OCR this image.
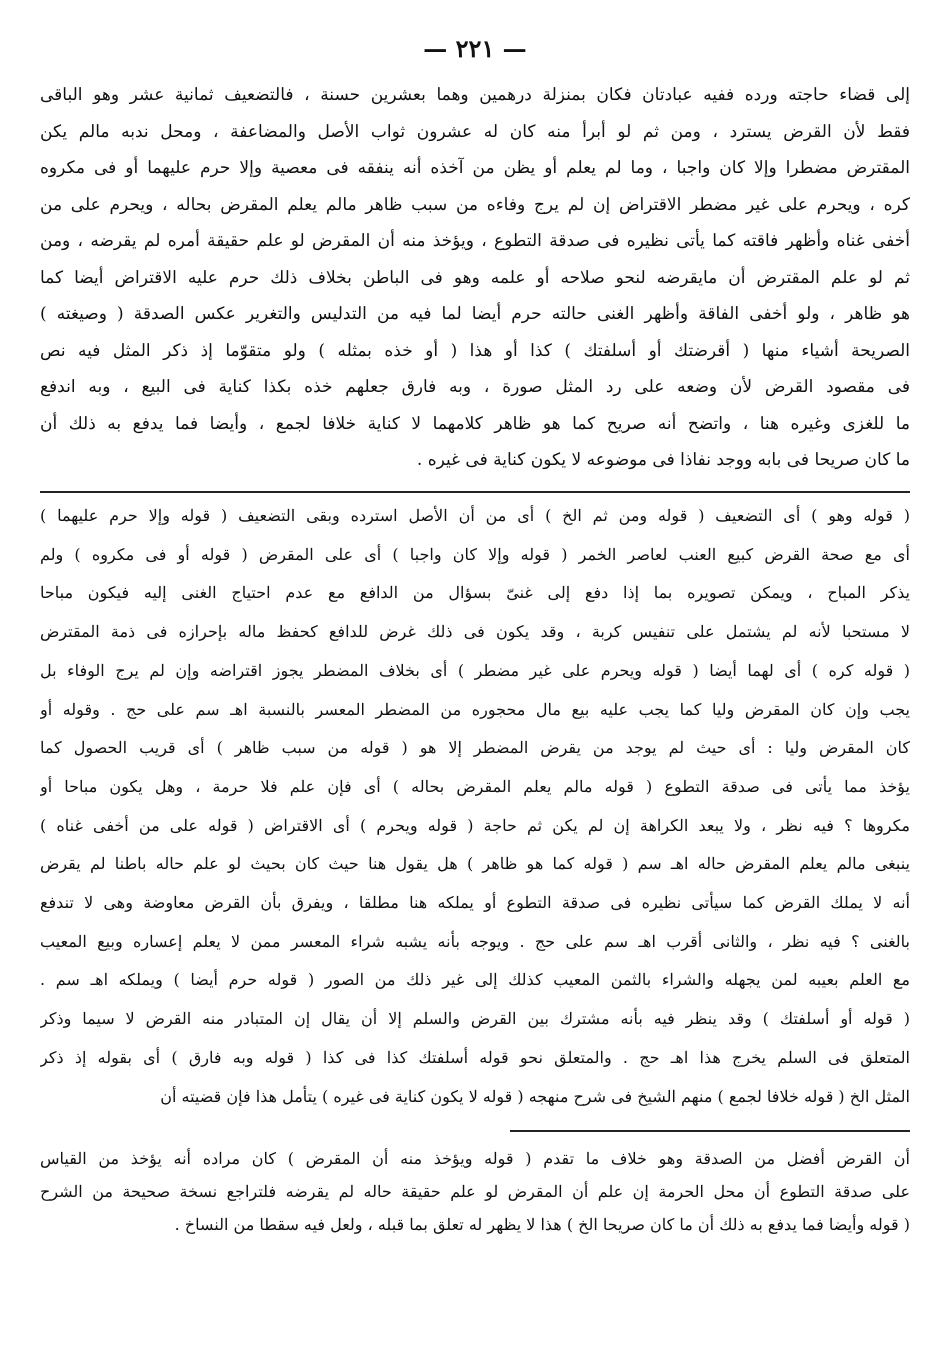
— ٢٢١ —
إلى قضاء حاجته ورده ففيه عبادتان فكان بمنزلة درهمين وهما بعشرين حسنة ، فالتضعيف ثمانية عشر وهو الباقى
فقط لأن القرض يسترد ، ومن ثم لو أبرأ منه كان له عشرون ثواب الأصل والمضاعفة ، ومحل ندبه مالم يكن
المقترض مضطرا وإلا كان واجبا ، وما لم يعلم أو يظن من آخذه أنه ينفقه فى معصية وإلا حرم عليهما أو فى مكروه
كره ، ويحرم على غير مضطر الاقتراض إن لم يرج وفاءه من سبب ظاهر مالم يعلم المقرض بحاله ، ويحرم على من
أخفى غناه وأظهر فاقته كما يأتى نظيره فى صدقة التطوع ، ويؤخذ منه أن المقرض لو علم حقيقة أمره لم يقرضه ، ومن
ثم لو علم المقترض أن مايقرضه لنحو صلاحه أو علمه وهو فى الباطن بخلاف ذلك حرم عليه الاقتراض أيضا كما
هو ظاهر ، ولو أخفى الفاقة وأظهر الغنى حالته حرم أيضا لما فيه من التدليس والتغرير عكس الصدقة ( وصيغته )
الصريحة أشياء منها ( أقرضتك أو أسلفتك ) كذا أو هذا ( أو خذه بمثله ) ولو متقوّما إذ ذكر المثل فيه نص
فى مقصود القرض لأن وضعه على رد المثل صورة ، وبه فارق جعلهم خذه بكذا كناية فى البيع ، وبه اندفع
ما للغزى وغيره هنا ، واتضح أنه صريح كما هو ظاهر كلامهما لا كناية خلافا لجمع ، وأيضا فما يدفع به ذلك أن
ما كان صريحا فى بابه ووجد نفاذا فى موضوعه لا يكون كناية فى غيره .
( قوله وهو ) أى التضعيف ( قوله ومن ثم الخ ) أى من أن الأصل استرده وبقى التضعيف ( قوله وإلا حرم عليهما )
أى مع صحة القرض كبيع العنب لعاصر الخمر ( قوله وإلا كان واجبا ) أى على المقرض ( قوله أو فى مكروه ) ولم
يذكر المباح ، ويمكن تصويره بما إذا دفع إلى غنىّ بسؤال من الدافع مع عدم احتياج الغنى إليه فيكون مباحا
لا مستحبا لأنه لم يشتمل على تنفيس كربة ، وقد يكون فى ذلك غرض للدافع كحفظ ماله بإحرازه فى ذمة المقترض
( قوله كره ) أى لهما أيضا ( قوله ويحرم على غير مضطر ) أى بخلاف المضطر يجوز اقتراضه وإن لم يرج الوفاء بل
يجب وإن كان المقرض وليا كما يجب عليه بيع مال محجوره من المضطر المعسر بالنسبة اهـ سم على حج . وقوله أو
كان المقرض وليا : أى حيث لم يوجد من يقرض المضطر إلا هو ( قوله من سبب ظاهر ) أى قريب الحصول كما
يؤخذ مما يأتى فى صدقة التطوع ( قوله مالم يعلم المقرض بحاله ) أى فإن علم فلا حرمة ، وهل يكون مباحا أو
مكروها ؟ فيه نظر ، ولا يبعد الكراهة إن لم يكن ثم حاجة ( قوله ويحرم ) أى الاقتراض ( قوله على من أخفى غناه )
ينبغى مالم يعلم المقرض حاله اهـ سم ( قوله كما هو ظاهر ) هل يقول هنا حيث كان بحيث لو علم حاله باطنا لم يقرض
أنه لا يملك القرض كما سيأتى نظيره فى صدقة التطوع أو يملكه هنا مطلقا ، ويفرق بأن القرض معاوضة وهى لا تندفع
بالغنى ؟ فيه نظر ، والثانى أقرب اهـ سم على حج . ويوجه بأنه يشبه شراء المعسر ممن لا يعلم إعساره وبيع المعيب
مع العلم بعيبه لمن يجهله والشراء بالثمن المعيب كذلك إلى غير ذلك من الصور ( قوله حرم أيضا ) ويملكه اهـ سم .
( قوله أو أسلفتك ) وقد ينظر فيه بأنه مشترك بين القرض والسلم إلا أن يقال إن المتبادر منه القرض لا سيما وذكر
المتعلق فى السلم يخرج هذا اهـ حج . والمتعلق نحو قوله أسلفتك كذا فى كذا ( قوله وبه فارق ) أى بقوله إذ ذكر
المثل الخ ( قوله خلافا لجمع ) منهم الشيخ فى شرح منهجه ( قوله لا يكون كناية فى غيره ) يتأمل هذا فإن قضيته أن
أن القرض أفضل من الصدقة وهو خلاف ما تقدم ( قوله ويؤخذ منه أن المقرض ) كان مراده أنه يؤخذ من القياس
على صدقة التطوع أن محل الحرمة إن علم أن المقرض لو علم حقيقة حاله لم يقرضه فلتراجع نسخة صحيحة من الشرح
( قوله وأيضا فما يدفع به ذلك أن ما كان صريحا الخ ) هذا لا يظهر له تعلق بما قبله ، ولعل فيه سقطا من النساخ .
